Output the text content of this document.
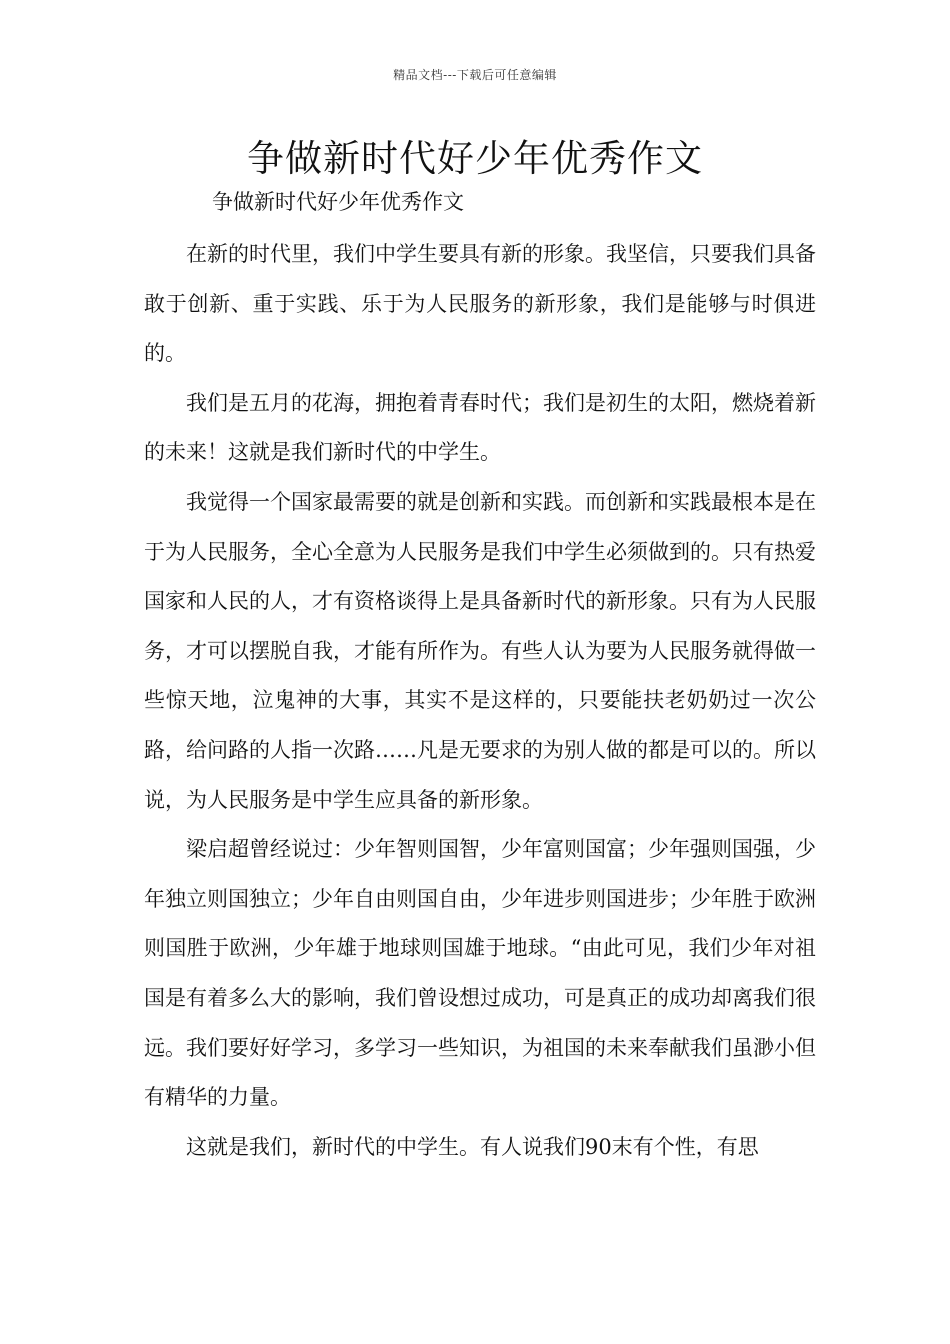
精品文档---下载后可任意编辑
争做新时代好少年优秀作文
争做新时代好少年优秀作文

在新的时代里，我们中学生要具有新的形象。我坚信，只要我们具备敢于创新、重于实践、乐于为人民服务的新形象，我们是能够与时俱进的。

我们是五月的花海，拥抱着青春时代；我们是初生的太阳，燃烧着新的未来！这就是我们新时代的中学生。

我觉得一个国家最需要的就是创新和实践。而创新和实践最根本是在于为人民服务，全心全意为人民服务是我们中学生必须做到的。只有热爱国家和人民的人，才有资格谈得上是具备新时代的新形象。只有为人民服务，才可以摆脱自我，才能有所作为。有些人认为要为人民服务就得做一些惊天地，泣鬼神的大事，其实不是这样的，只要能扶老奶奶过一次公路，给问路的人指一次路……凡是无要求的为别人做的都是可以的。所以说，为人民服务是中学生应具备的新形象。

梁启超曾经说过：少年智则国智，少年富则国富；少年强则国强，少年独立则国独立；少年自由则国自由，少年进步则国进步；少年胜于欧洲则国胜于欧洲，少年雄于地球则国雄于地球。“由此可见，我们少年对祖国是有着多么大的影响，我们曾设想过成功，可是真正的成功却离我们很远。我们要好好学习，多学习一些知识，为祖国的未来奉献我们虽渺小但有精华的力量。

这就是我们，新时代的中学生。有人说我们90末有个性，有思
